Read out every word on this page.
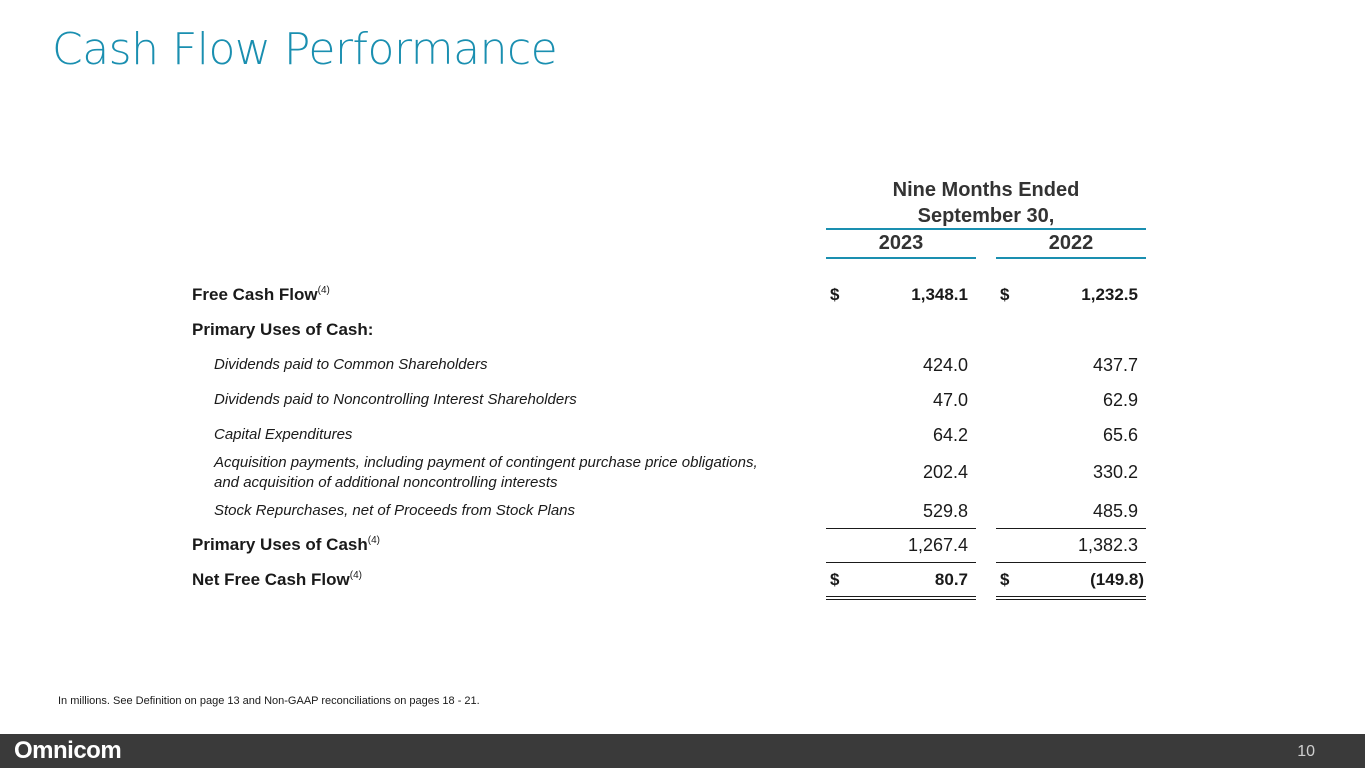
Cash Flow Performance
Nine Months Ended
September 30,
2023	2022
Free Cash Flow$^{(4)}$	$	1,348.1 $	1,232.5
Primary Uses of Cash:
Dividends paid to Common Shareholders	424.0	437.7
Dividends paid to Noncontrolling Interest Shareholders	47.0	62.9
Capital Expenditures	64.2	65.6
Acquisition payments, including payment of contingent purchase price obligations,
and acquisition of additional noncontrolling interests
202.4	330.2
Stock Repurchases, net of Proceeds from Stock Plans	529.8	485.9
Primary Uses of Cash$^{(4)}$	1,267.4	1,382.3
Net Free Cash Flow$^{(4)}$	$	80.7 $	(149.8)
In millions. See Definition on page 13 and Non-GAAP reconciliations on pages 18 - 21.
Omnicom	10
